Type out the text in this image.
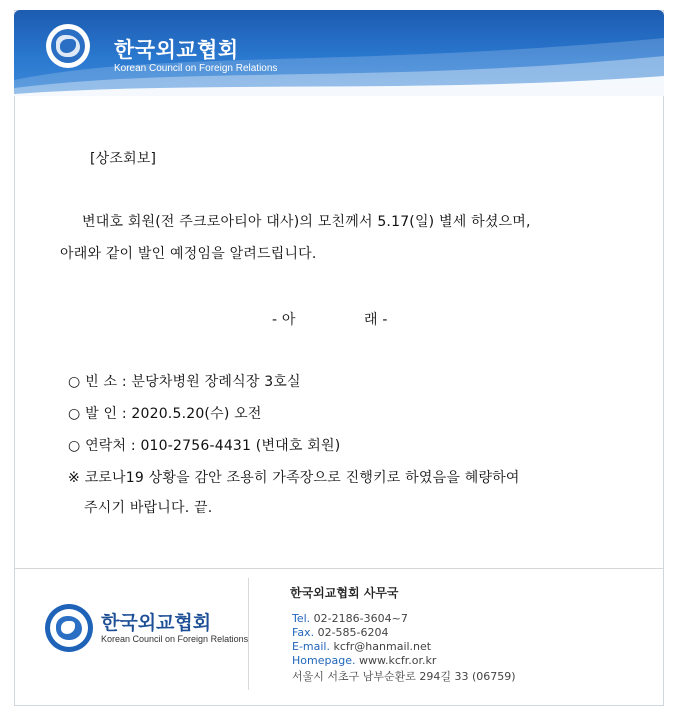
한국외교협회
Korean Council on Foreign Relations
[상조회보]
변대호 회원(전 주크로아티아 대사)의 모친께서 5.17(일) 별세 하셨으며,
아래와 같이 발인 예정임을 알려드립니다.
- 아	래 -
○ 빈 소 : 분당차병원 장례식장 3호실
○ 발 인 : 2020.5.20(수) 오전
○ 연락처 : 010-2756-4431 (변대호 회원)
※ 코로나19 상황을 감안 조용히 가족장으로 진행키로 하였음을 혜량하여
주시기 바랍니다. 끝.
한국외교협회
Korean Council on Foreign Relations
한국외교협회 사무국
Tel. 02-2186-3604~7
Fax. 02-585-6204
E-mail. kcfr@hanmail.net
Homepage. www.kcfr.or.kr
서울시 서초구 남부순환로 294길 33 (06759)
